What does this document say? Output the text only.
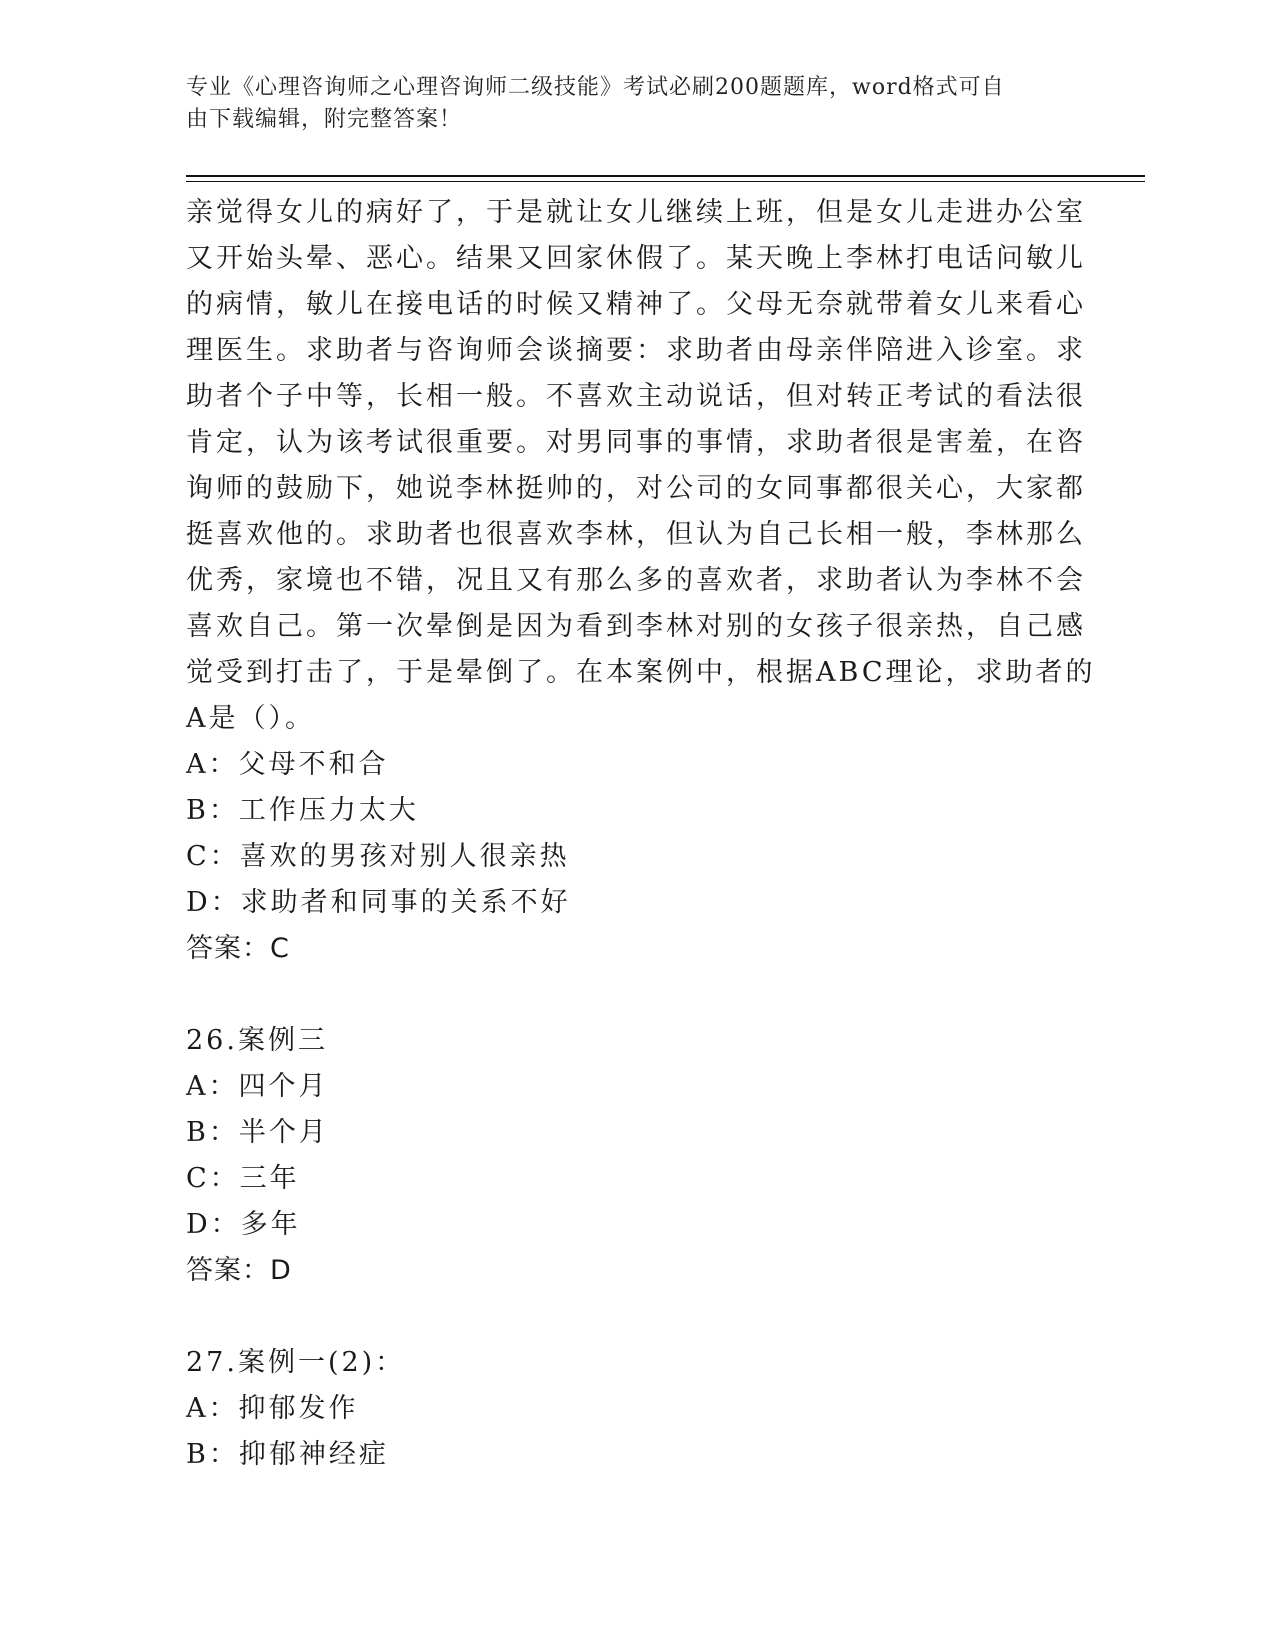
专业《心理咨询师之心理咨询师二级技能》考试必刷200题题库，word格式可自
由下载编辑，附完整答案！
亲觉得女儿的病好了，于是就让女儿继续上班，但是女儿走进办公室
又开始头晕、恶心。结果又回家休假了。某天晚上李林打电话问敏儿
的病情，敏儿在接电话的时候又精神了。父母无奈就带着女儿来看心
理医生。求助者与咨询师会谈摘要：求助者由母亲伴陪进入诊室。求
助者个子中等，长相一般。不喜欢主动说话，但对转正考试的看法很
肯定，认为该考试很重要。对男同事的事情，求助者很是害羞，在咨
询师的鼓励下，她说李林挺帅的，对公司的女同事都很关心，大家都
挺喜欢他的。求助者也很喜欢李林，但认为自己长相一般，李林那么
优秀，家境也不错，况且又有那么多的喜欢者，求助者认为李林不会
喜欢自己。第一次晕倒是因为看到李林对别的女孩子很亲热，自己感
觉受到打击了，于是晕倒了。在本案例中，根据ABC理论，求助者的
A是（）。
A：父母不和合
B：工作压力太大
C：喜欢的男孩对别人很亲热
D：求助者和同事的关系不好
答案：C
26.案例三
A：四个月
B：半个月
C：三年
D：多年
答案：D
27.案例一(2)：
A：抑郁发作
B：抑郁神经症
